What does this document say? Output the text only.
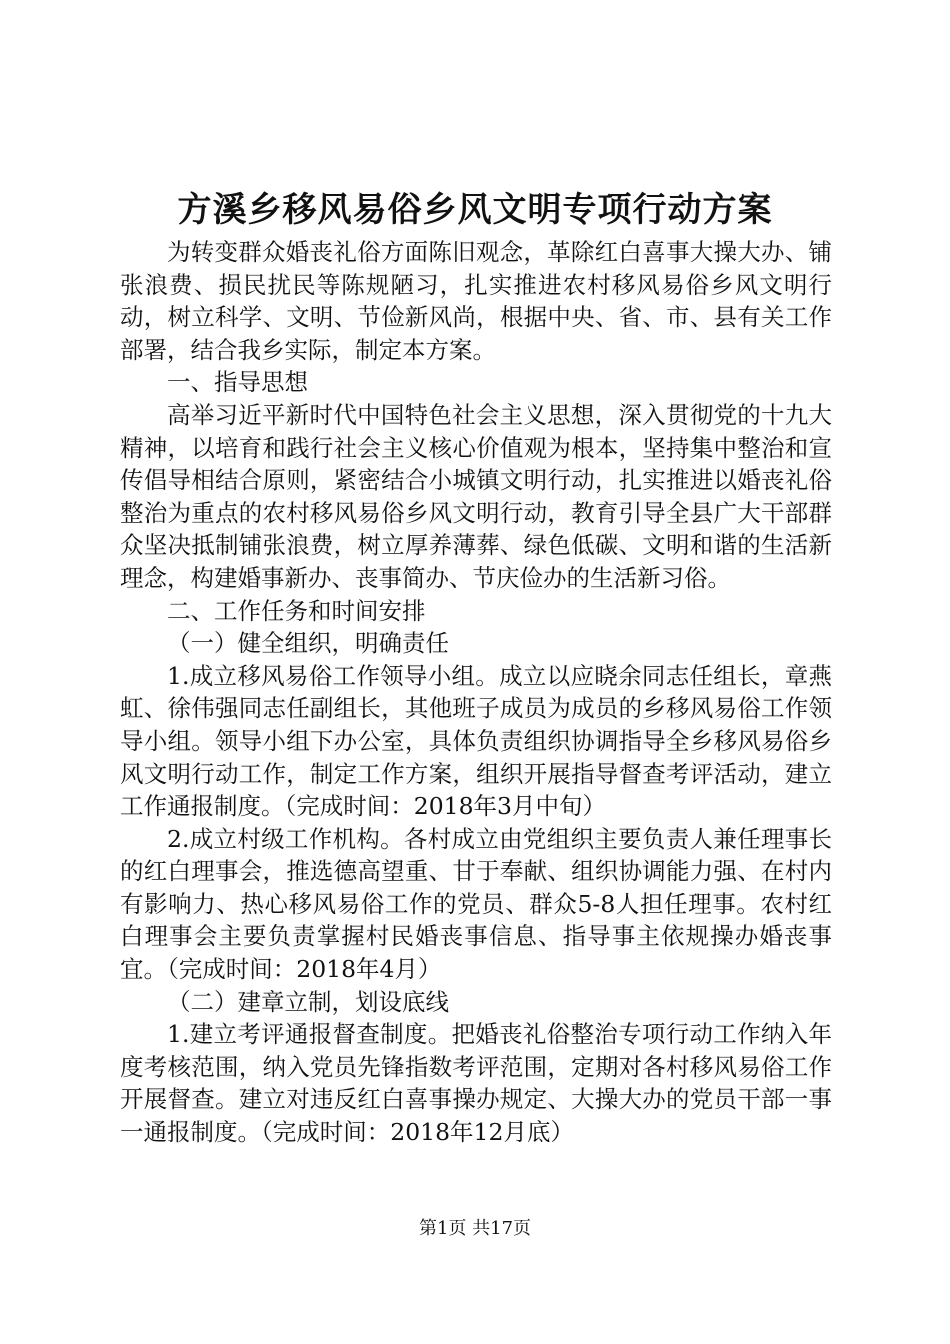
方溪乡移风易俗乡风文明专项行动方案

为转变群众婚丧礼俗方面陈旧观念，革除红白喜事大操大办、铺张浪费、损民扰民等陈规陋习，扎实推进农村移风易俗乡风文明行动，树立科学、文明、节俭新风尚，根据中央、省、市、县有关工作部署，结合我乡实际，制定本方案。

一、指导思想

高举习近平新时代中国特色社会主义思想，深入贯彻党的十九大精神，以培育和践行社会主义核心价值观为根本，坚持集中整治和宣传倡导相结合原则，紧密结合小城镇文明行动，扎实推进以婚丧礼俗整治为重点的农村移风易俗乡风文明行动，教育引导全县广大干部群众坚决抵制铺张浪费，树立厚养薄葬、绿色低碳、文明和谐的生活新理念，构建婚事新办、丧事简办、节庆俭办的生活新习俗。

二、工作任务和时间安排

（一）健全组织，明确责任

1.成立移风易俗工作领导小组。成立以应晓余同志任组长，章燕虹、徐伟强同志任副组长，其他班子成员为成员的乡移风易俗工作领导小组。领导小组下办公室，具体负责组织协调指导全乡移风易俗乡风文明行动工作，制定工作方案，组织开展指导督查考评活动，建立工作通报制度。（完成时间：2018年3月中旬）

2.成立村级工作机构。各村成立由党组织主要负责人兼任理事长的红白理事会，推选德高望重、甘于奉献、组织协调能力强、在村内有影响力、热心移风易俗工作的党员、群众5-8人担任理事。农村红白理事会主要负责掌握村民婚丧事信息、指导事主依规操办婚丧事宜。（完成时间：2018年4月）

（二）建章立制，划设底线

1.建立考评通报督查制度。把婚丧礼俗整治专项行动工作纳入年度考核范围，纳入党员先锋指数考评范围，定期对各村移风易俗工作开展督查。建立对违反红白喜事操办规定、大操大办的党员干部一事一通报制度。（完成时间：2018年12月底）

第1页 共17页
